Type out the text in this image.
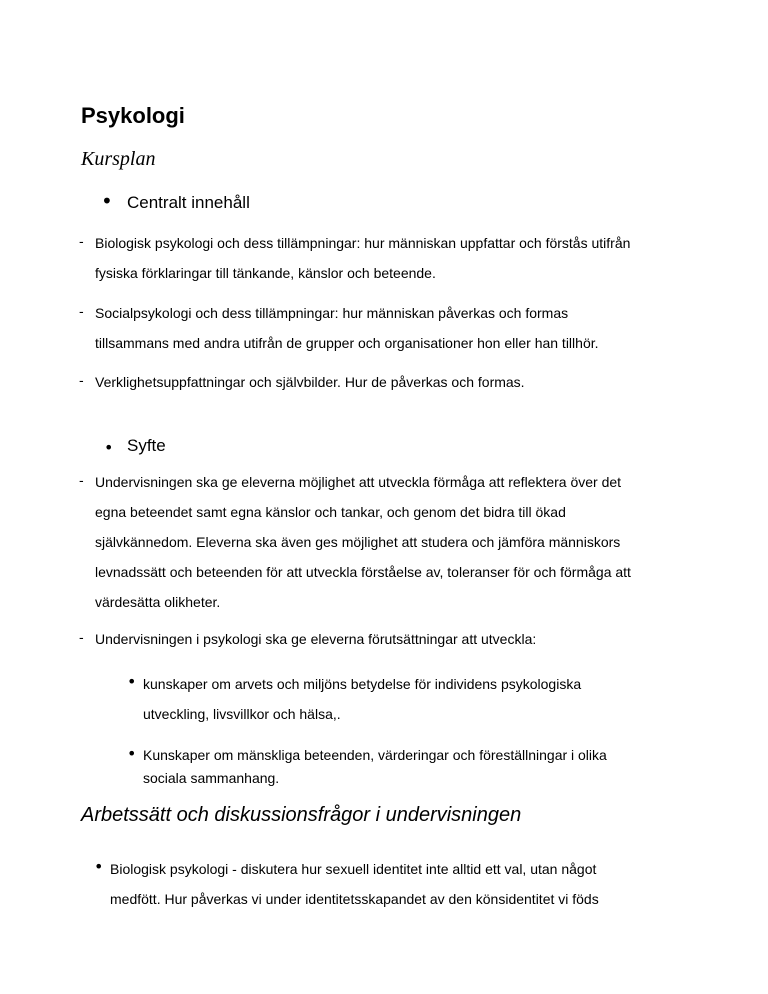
Psykologi
Kursplan
• Centralt innehåll
- Biologisk psykologi och dess tillämpningar: hur människan uppfattar och förstås utifrån
fysiska förklaringar till tänkande, känslor och beteende.
- Socialpsykologi och dess tillämpningar: hur människan påverkas och formas
tillsammans med andra utifrån de grupper och organisationer hon eller han tillhör.
- Verklighetsuppfattningar och självbilder. Hur de påverkas och formas.
• Syfte
- Undervisningen ska ge eleverna möjlighet att utveckla förmåga att reflektera över det
egna beteendet samt egna känslor och tankar, och genom det bidra till ökad
självkännedom. Eleverna ska även ges möjlighet att studera och jämföra människors
levnadssätt och beteenden för att utveckla förståelse av, toleranser för och förmåga att
värdesätta olikheter.
- Undervisningen i psykologi ska ge eleverna förutsättningar att utveckla:
• kunskaper om arvets och miljöns betydelse för individens psykologiska
utveckling, livsvillkor och hälsa,.
• Kunskaper om mänskliga beteenden, värderingar och föreställningar i olika
sociala sammanhang.
Arbetssätt och diskussionsfrågor i undervisningen
• Biologisk psykologi - diskutera hur sexuell identitet inte alltid ett val, utan något
medfött. Hur påverkas vi under identitetsskapandet av den könsidentitet vi föds
